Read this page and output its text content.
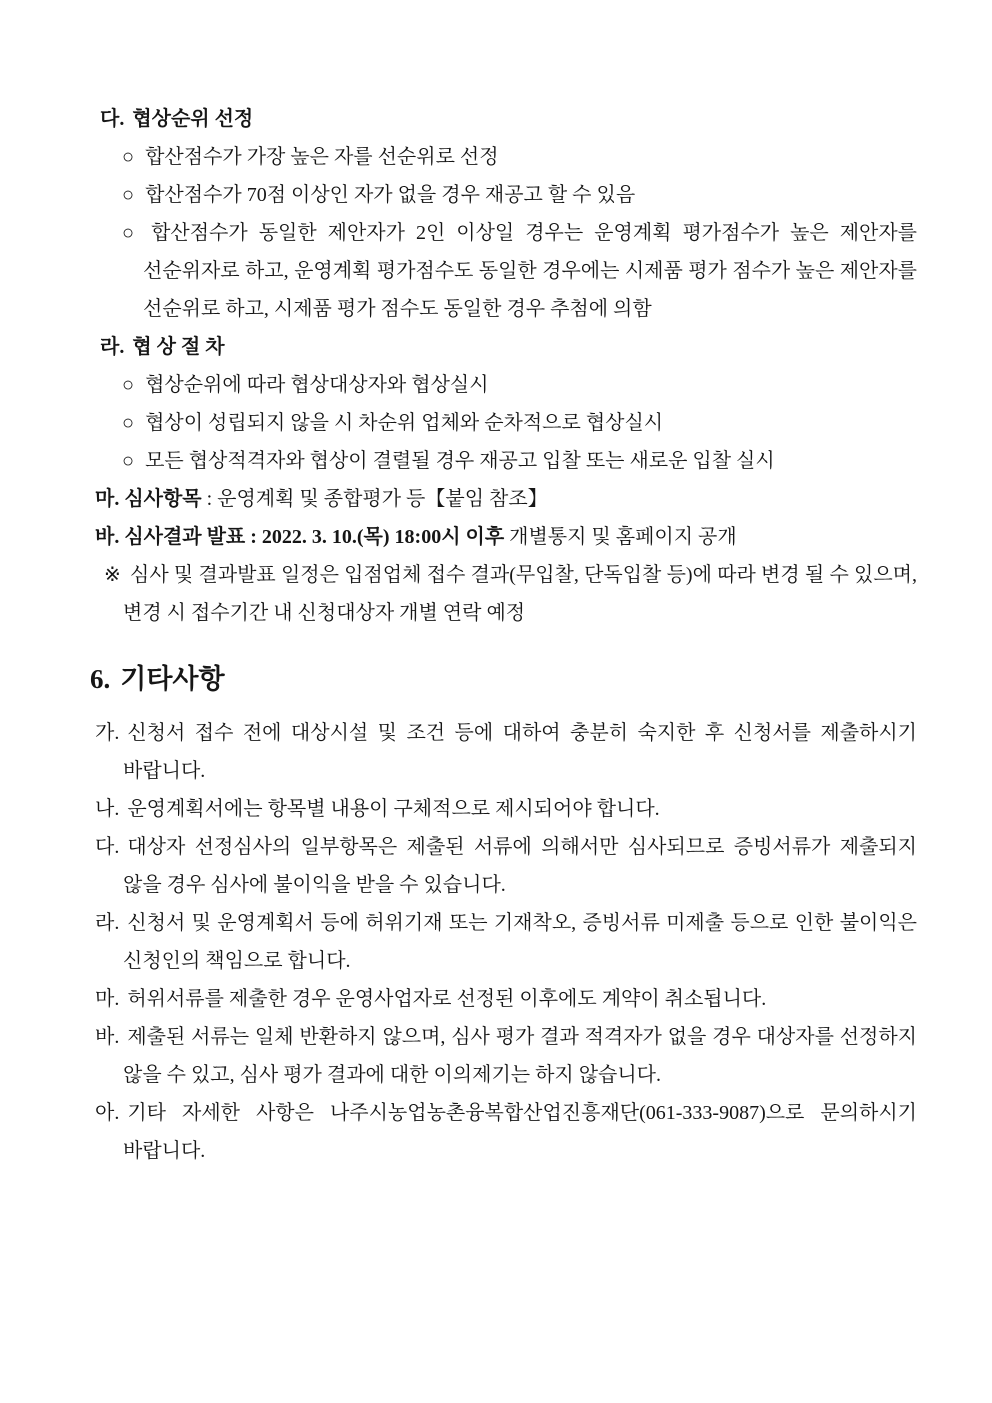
다. 협상순위 선정

○ 합산점수가 가장 높은 자를 선순위로 선정

○ 합산점수가 70점 이상인 자가 없을 경우 재공고 할 수 있음

○ 합산점수가 동일한 제안자가 2인 이상일 경우는 운영계획 평가점수가 높은 제안자를 선순위자로 하고, 운영계획 평가점수도 동일한 경우에는 시제품 평가 점수가 높은 제안자를 선순위로 하고, 시제품 평가 점수도 동일한 경우 추첨에 의함

라. 협 상 절 차

○ 협상순위에 따라 협상대상자와 협상실시

○ 협상이 성립되지 않을 시 차순위 업체와 순차적으로 협상실시

○ 모든 협상적격자와 협상이 결렬될 경우 재공고 입찰 또는 새로운 입찰 실시

마. 심사항목 : 운영계획 및 종합평가 등【붙임 참조】

바. 심사결과 발표 : 2022. 3. 10.(목) 18:00시 이후 개별통지 및 홈페이지 공개

※ 심사 및 결과발표 일정은 입점업체 접수 결과(무입찰, 단독입찰 등)에 따라 변경 될 수 있으며, 변경 시 접수기간 내 신청대상자 개별 연락 예정

6. 기타사항

가. 신청서 접수 전에 대상시설 및 조건 등에 대하여 충분히 숙지한 후 신청서를 제출하시기 바랍니다.

나. 운영계획서에는 항목별 내용이 구체적으로 제시되어야 합니다.

다. 대상자 선정심사의 일부항목은 제출된 서류에 의해서만 심사되므로 증빙서류가 제출되지 않을 경우 심사에 불이익을 받을 수 있습니다.

라. 신청서 및 운영계획서 등에 허위기재 또는 기재착오, 증빙서류 미제출 등으로 인한 불이익은 신청인의 책임으로 합니다.

마. 허위서류를 제출한 경우 운영사업자로 선정된 이후에도 계약이 취소됩니다.

바. 제출된 서류는 일체 반환하지 않으며, 심사 평가 결과 적격자가 없을 경우 대상자를 선정하지 않을 수 있고, 심사 평가 결과에 대한 이의제기는 하지 않습니다.

아. 기타 자세한 사항은 나주시농업농촌융복합산업진흥재단(061-333-9087)으로 문의하시기 바랍니다.
